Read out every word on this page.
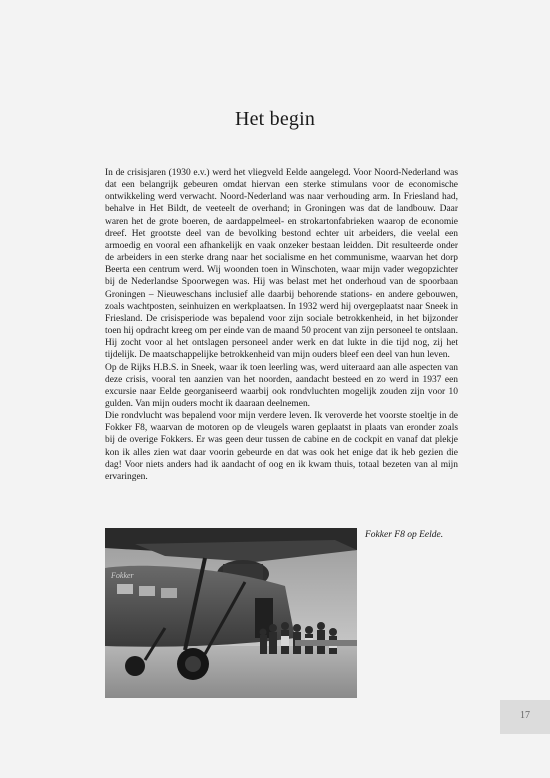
Het begin

In de crisisjaren (1930 e.v.) werd het vliegveld Eelde aangelegd. Voor Noord-Nederland was dat een belangrijk gebeuren omdat hiervan een sterke stimulans voor de economische ontwikkeling werd verwacht. Noord-Nederland was naar verhouding arm. In Friesland had, behalve in Het Bildt, de veeteelt de overhand; in Groningen was dat de landbouw. Daar waren het de grote boeren, de aardappelmeel- en strokartonfabrieken waarop de economie dreef. Het grootste deel van de bevolking bestond echter uit arbeiders, die veelal een armoedig en vooral een afhankelijk en vaak onzeker bestaan leidden. Dit resulteerde onder de arbeiders in een sterke drang naar het socialisme en het communisme, waarvan het dorp Beerta een centrum werd. Wij woonden toen in Winschoten, waar mijn vader wegopzichter bij de Nederlandse Spoorwegen was. Hij was belast met het onderhoud van de spoorbaan Groningen – Nieuweschans inclusief alle daarbij behorende stations- en andere gebouwen, zoals wachtposten, seinhuizen en werkplaatsen. In 1932 werd hij overgeplaatst naar Sneek in Friesland. De crisisperiode was bepalend voor zijn sociale betrokkenheid, in het bijzonder toen hij opdracht kreeg om per einde van de maand 50 procent van zijn personeel te ontslaan. Hij zocht voor al het ontslagen personeel ander werk en dat lukte in die tijd nog, zij het tijdelijk. De maatschappelijke betrokkenheid van mijn ouders bleef een deel van hun leven.

Op de Rijks H.B.S. in Sneek, waar ik toen leerling was, werd uiteraard aan alle aspecten van deze crisis, vooral ten aanzien van het noorden, aandacht besteed en zo werd in 1937 een excursie naar Eelde georganiseerd waarbij ook rondvluchten mogelijk zouden zijn voor 10 gulden. Van mijn ouders mocht ik daaraan deelnemen.

Die rondvlucht was bepalend voor mijn verdere leven. Ik veroverde het voorste stoeltje in de Fokker F8, waarvan de motoren op de vleugels waren geplaatst in plaats van eronder zoals bij de overige Fokkers. Er was geen deur tussen de cabine en de cockpit en vanaf dat plekje kon ik alles zien wat daar voorin gebeurde en dat was ook het enige dat ik heb gezien die dag! Voor niets anders had ik aandacht of oog en ik kwam thuis, totaal bezeten van al mijn ervaringen.

Fokker
Fokker F8 op Eelde.
17
